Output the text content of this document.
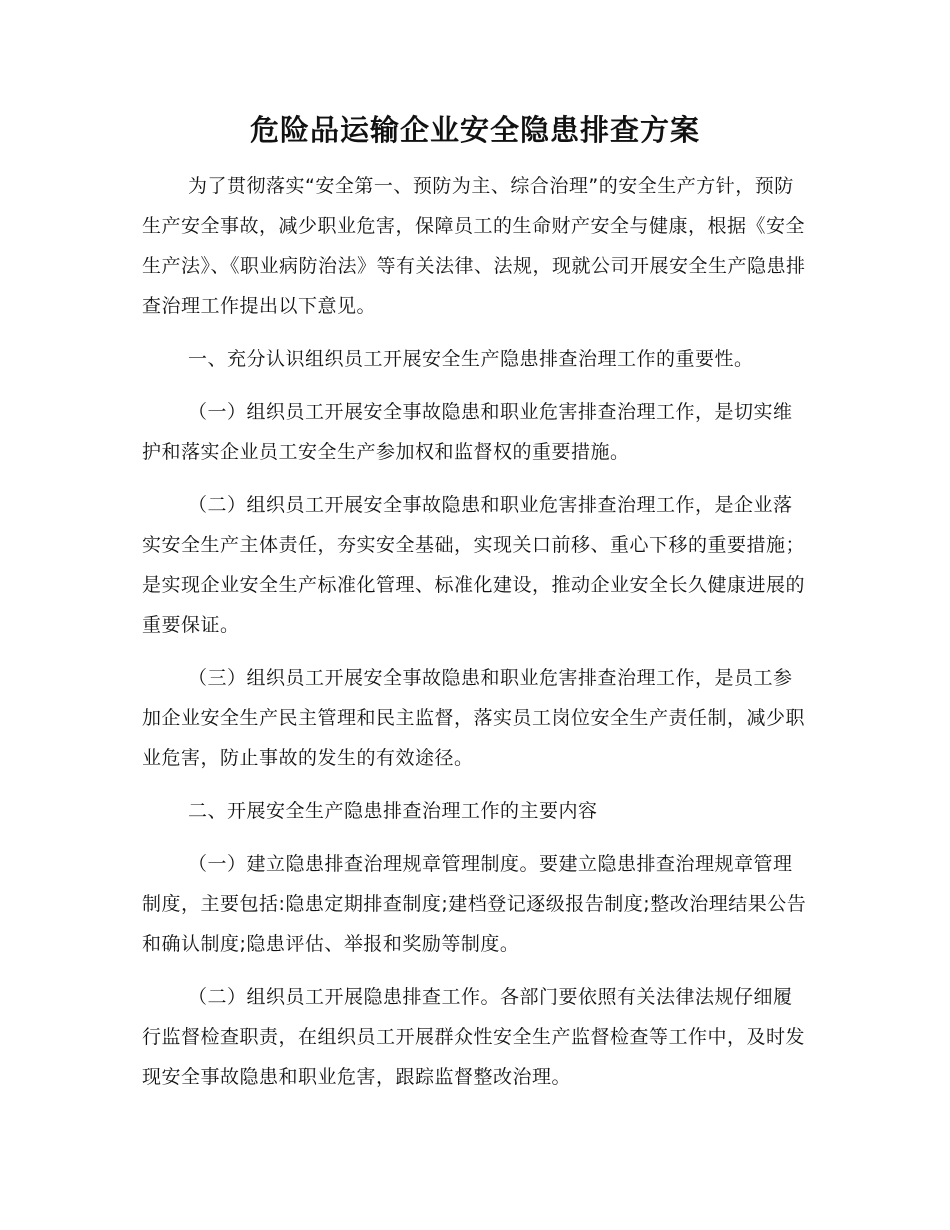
危险品运输企业安全隐患排查方案

为了贯彻落实“安全第一、预防为主、综合治理”的安全生产方针，预防生产安全事故，减少职业危害，保障员工的生命财产安全与健康，根据《安全生产法》、《职业病防治法》等有关法律、法规，现就公司开展安全生产隐患排查治理工作提出以下意见。

一、充分认识组织员工开展安全生产隐患排查治理工作的重要性。

（一）组织员工开展安全事故隐患和职业危害排查治理工作，是切实维护和落实企业员工安全生产参加权和监督权的重要措施。

（二）组织员工开展安全事故隐患和职业危害排查治理工作，是企业落实安全生产主体责任，夯实安全基础，实现关口前移、重心下移的重要措施；是实现企业安全生产标准化管理、标准化建设，推动企业安全长久健康进展的重要保证。

（三）组织员工开展安全事故隐患和职业危害排查治理工作，是员工参加企业安全生产民主管理和民主监督，落实员工岗位安全生产责任制，减少职业危害，防止事故的发生的有效途径。

二、开展安全生产隐患排查治理工作的主要内容

（一）建立隐患排查治理规章管理制度。要建立隐患排查治理规章管理制度，主要包括:隐患定期排查制度;建档登记逐级报告制度;整改治理结果公告和确认制度;隐患评估、举报和奖励等制度。

（二）组织员工开展隐患排查工作。各部门要依照有关法律法规仔细履行监督检查职责，在组织员工开展群众性安全生产监督检查等工作中，及时发现安全事故隐患和职业危害，跟踪监督整改治理。
